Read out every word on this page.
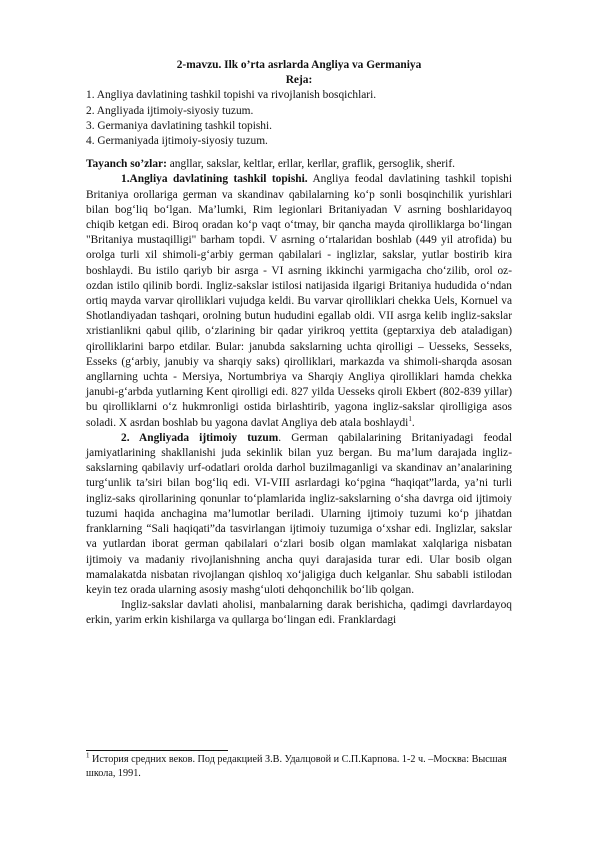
2-mavzu. Ilk o’rta asrlarda Angliya va Germaniya
Reja:
1. Angliya davlatining tashkil topishi va rivojlanish bosqichlari.
2. Angliyada ijtimoiy-siyosiy tuzum.
3. Germaniya davlatining tashkil topishi.
4. Germaniyada ijtimoiy-siyosiy tuzum.
Tayanch so’zlar: angllar, sakslar, keltlar, erllar, kerllar, graflik, gersoglik, sherif.

1.Angliya davlatining tashkil topishi. Angliya feodal davlatining tashkil topishi Britaniya orollariga german va skandinav qabilalarning ko‘p sonli bosqinchilik yurishlari bilan bog‘liq bo‘lgan. Ma’lumki, Rim legionlari Britaniyadan V asrning boshlaridayoq chiqib ketgan edi. Biroq oradan ko‘p vaqt o‘tmay, bir qancha mayda qirolliklarga bo‘lingan "Britaniya mustaqilligi" barham topdi. V asrning o‘rtalaridan boshlab (449 yil atrofida) bu orolga turli xil shimoli-g‘arbiy german qabilalari - inglizlar, sakslar, yutlar bostirib kira boshlaydi. Bu istilo qariyb bir asrga - VI asrning ikkinchi yarmigacha cho‘zilib, orol oz-ozdan istilo qilinib bordi. Ingliz-sakslar istilosi natijasida ilgarigi Britaniya hududida o‘ndan ortiq mayda varvar qirolliklari vujudga keldi. Bu varvar qirolliklari chekka Uels, Kornuel va Shotlandiyadan tashqari, orolning butun hududini egallab oldi. VII asrga kelib ingliz-sakslar xristianlikni qabul qilib, o‘zlarining bir qadar yirikroq yettita (geptarxiya deb ataladigan) qirolliklarini barpo etdilar. Bular: janubda sakslarning uchta qirolligi – Uesseks, Sesseks, Esseks (g‘arbiy, janubiy va sharqiy saks) qirolliklari, markazda va shimoli-sharqda asosan angllarning uchta - Mersiya, Nortumbriya va Sharqiy Angliya qirolliklari hamda chekka janubi-g‘arbda yutlarning Kent qirolligi edi. 827 yilda Uesseks qiroli Ekbert (802-839 yillar) bu qirolliklarni o‘z hukmronligi ostida birlashtirib, yagona ingliz-sakslar qirolligiga asos soladi. X asrdan boshlab bu yagona davlat Angliya deb atala boshlaydi$^1$.

2. Angliyada ijtimoiy tuzum. German qabilalarining Britaniyadagi feodal jamiyatlarining shakllanishi juda sekinlik bilan yuz bergan. Bu ma’lum darajada ingliz-sakslarning qabilaviy urf-odatlari orolda darhol buzilmaganligi va skandinav an’analarining turg‘unlik ta’siri bilan bog‘liq edi. VI-VIII asrlardagi ko‘pgina “haqiqat”larda, ya’ni turli ingliz-saks qirollarining qonunlar to‘plamlarida ingliz-sakslarning o‘sha davrga oid ijtimoiy tuzumi haqida anchagina ma’lumotlar beriladi. Ularning ijtimoiy tuzumi ko‘p jihatdan franklarning “Sali haqiqati”da tasvirlangan ijtimoiy tuzumiga o‘xshar edi. Inglizlar, sakslar va yutlardan iborat german qabilalari o‘zlari bosib olgan mamlakat xalqlariga nisbatan ijtimoiy va madaniy rivojlanishning ancha quyi darajasida turar edi. Ular bosib olgan mamalakatda nisbatan rivojlangan qishloq xo‘jaligiga duch kelganlar. Shu sababli istilodan keyin tez orada ularning asosiy mashg‘uloti dehqonchilik bo‘lib qolgan.

Ingliz-sakslar davlati aholisi, manbalarning darak berishicha, qadimgi davrlardayoq erkin, yarim erkin kishilarga va qullarga bo‘lingan edi. Franklardagi

$^1$ История средних веков. Под редакцией З.В. Удалцовой и С.П.Карпова. 1-2 ч. –Москва: Высшая школа, 1991.
